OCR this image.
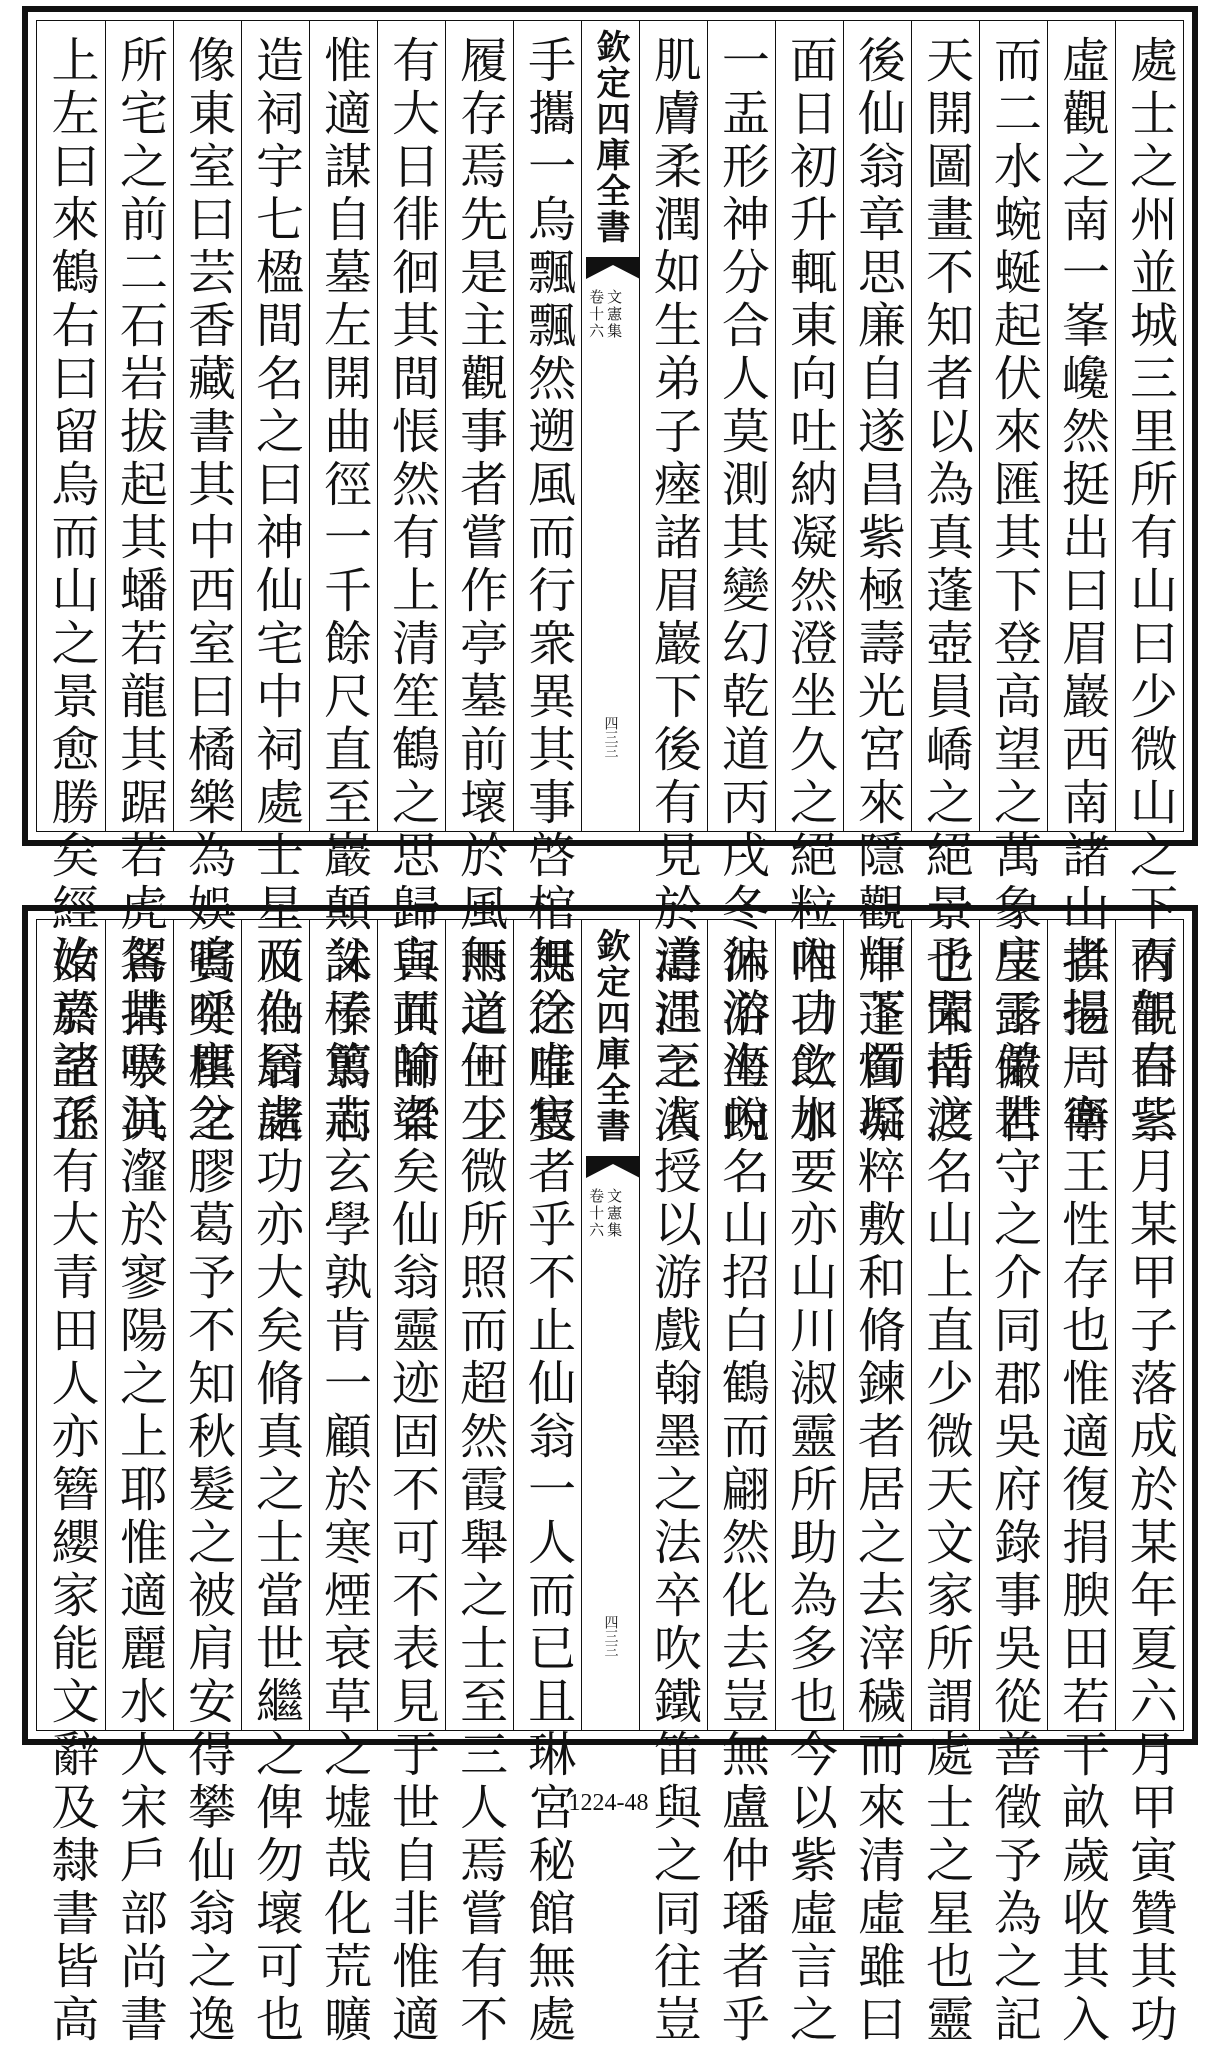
處士之州並城三里所有山曰少微山之下有觀曰紫
虛觀之南一峯巉然挺出曰眉巖西南諸山拱挹周衛
而二水蜿蜒起伏來匯其下登高望之萬象呈露儼若
天開圖畫不知者以為真蓬壺員嶠之絕景也宋南渡
後仙翁章思廉自遂昌紫極壽光宮來隱觀中蓬首垢
面日初升輒東向吐納凝然澄坐久之絕粒唯日飲水
一盂形神分合人莫測其變幻乾道丙戌冬沐浴坐蛻
肌膚柔潤如生弟子瘞諸眉巖下後有見於濤江之濱
欽定四庫全書
文憲集
卷十六
四三三
手攜一烏飄飄然遡風而行衆異其事啓棺視之唯隻
履存焉先是主觀事者嘗作亭墓前壞於風雨道士王
有大日徘徊其間悵然有上清笙鶴之思歸與其師梁
惟適謀自墓左開曲徑一千餘尺直至巖顛誅榛翦荊
造祠宇七楹間名之曰神仙宅中祠處士星及仙翁諸
像東室曰芸香藏書其中西室曰橘樂為娛賓奕棋之
所宅之前二石岩拔起其蟠若龍其踞若虎各搆亭其
上左曰來鶴右曰留烏而山之景愈勝矣經始於至正
丙午春三月某甲子落成於某年夏六月甲寅贊其功
者揚一寧王性存也惟適復捐腴田若干畝歲收其入
庋子弟世守之介同郡吳府錄事吳從善徵予為之記
予聞括之名山上直少微天文家所謂處士之星也靈
輝下燭凝粹敷和脩鍊者居之去滓穢而來清虛雖曰
內功之加要亦山川淑靈所助為多也今以紫虛言之
徧游海內名山招白鶴而翩然化去豈無盧仲璠者乎
道遇至人授以游戲翰墨之法卒吹鐵笛與之同往豈
欽定四庫全書
文憲集
卷十六
四三三
無徐虛寂者乎不止仙翁一人而已且琳宮秘館無處
無之何少微所照而超然霞舉之士至三人焉嘗有不
言而喻者矣仙翁靈迹固不可不表見于世自非惟適
父子篤志玄學孰肯一顧於寒煙衰草之墟哉化荒曠
而為居處功亦大矣脩真之士當世繼之俾勿壞可也
嗚呼塵坌膠葛予不知秋髮之被肩安得攀仙翁之逸
駕共吸沆瀣於寥陽之上耶惟適麗水人宋戶部尚書
汝嘉諸孫有大青田人亦簪纓家能文辭及隸書皆高	1224-48
